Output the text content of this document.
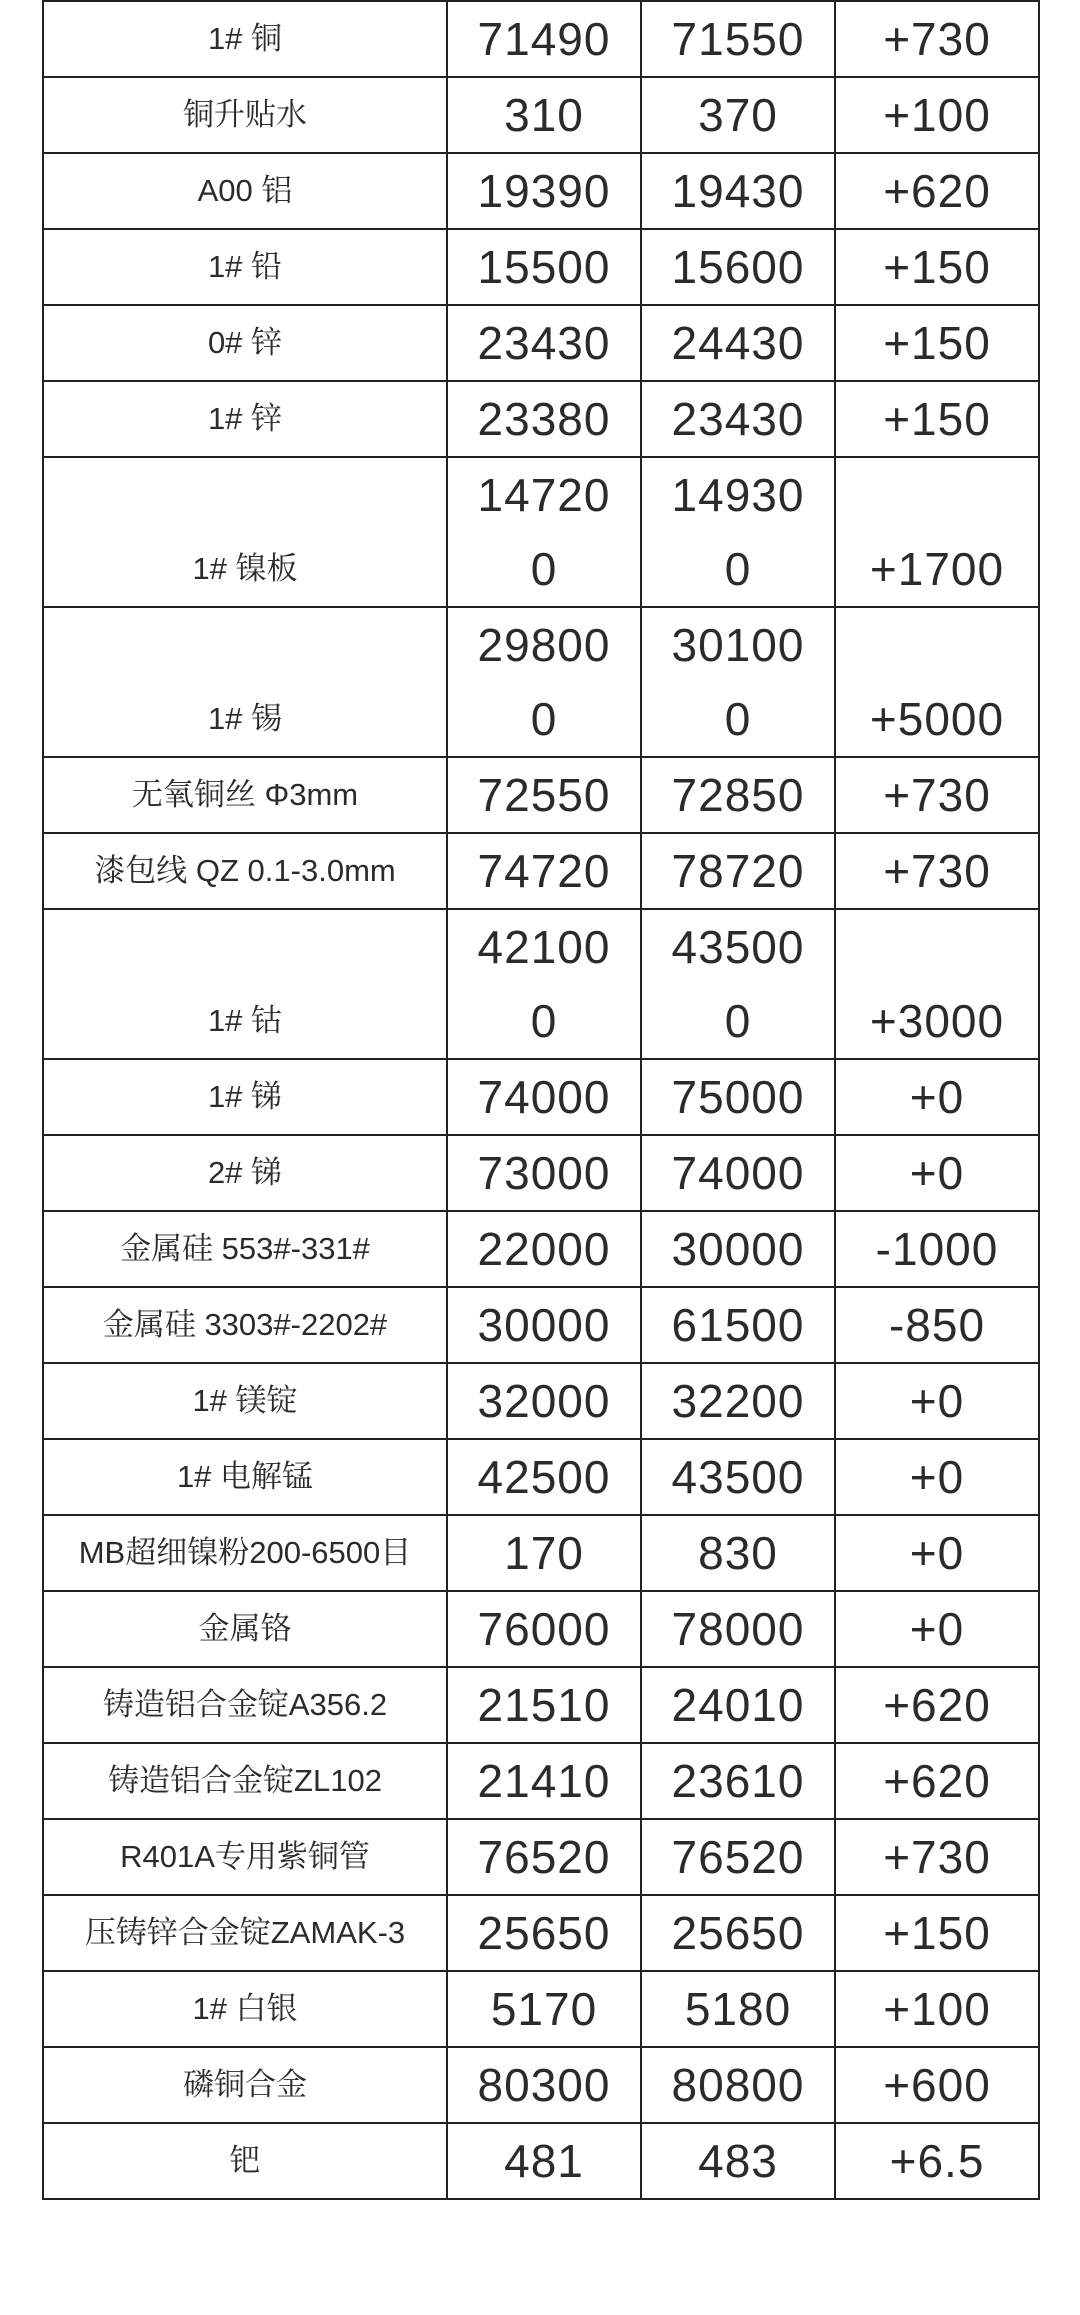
1# 铜	71490	71550	+730
铜升贴水	310	370	+100
A00 铝	19390	19430	+620
1# 铅	15500	15600	+150
0# 锌	23430	24430	+150
1# 锌	23380	23430	+150
1# 镍板	147200	149300	+1700
1# 锡	298000	301000	+5000
无氧铜丝 Φ3mm	72550	72850	+730
漆包线 QZ 0.1-3.0mm	74720	78720	+730
1# 钴	421000	435000	+3000
1# 锑	74000	75000	+0
2# 锑	73000	74000	+0
金属硅 553#-331#	22000	30000	-1000
金属硅 3303#-2202#	30000	61500	-850
1# 镁锭	32000	32200	+0
1# 电解锰	42500	43500	+0
MB超细镍粉200-6500目	170	830	+0
金属铬	76000	78000	+0
铸造铝合金锭A356.2	21510	24010	+620
铸造铝合金锭ZL102	21410	23610	+620
R401A专用紫铜管	76520	76520	+730
压铸锌合金锭ZAMAK-3	25650	25650	+150
1# 白银	5170	5180	+100
磷铜合金	80300	80800	+600
钯	481	483	+6.5
